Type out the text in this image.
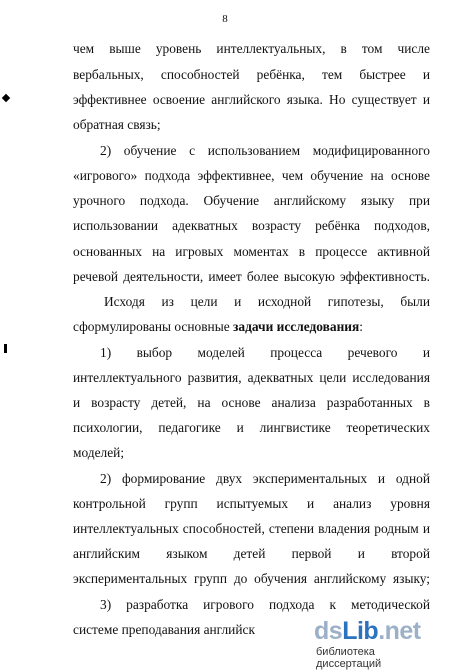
8
чем выше уровень интеллектуальных, в том числе
вербальных, способностей ребёнка, тем быстрее и
эффективнее освоение английского языка. Но существует и
обратная связь;
2) обучение с использованием модифицированного
«игрового» подхода эффективнее, чем обучение на основе
урочного подхода. Обучение английскому языку при
использовании адекватных возрасту ребёнка подходов,
основанных на игровых моментах в процессе активной
речевой деятельности, имеет более высокую эффективность.
Исходя из цели и исходной гипотезы, были
сформулированы основные задачи исследования:
1) выбор моделей процесса речевого и
интеллектуального развития, адекватных цели исследования
и возрасту детей, на основе анализа разработанных в
психологии, педагогике и лингвистике теоретических
моделей;
2) формирование двух экспериментальных и одной
контрольной групп испытуемых и анализ уровня
интеллектуальных способностей, степени владения родным и
английским языком детей первой и второй
экспериментальных групп до обучения английскому языку;
3) разработка игрового подхода к методической
системе преподавания английск	dsLib.net
библиотека диссертаций
